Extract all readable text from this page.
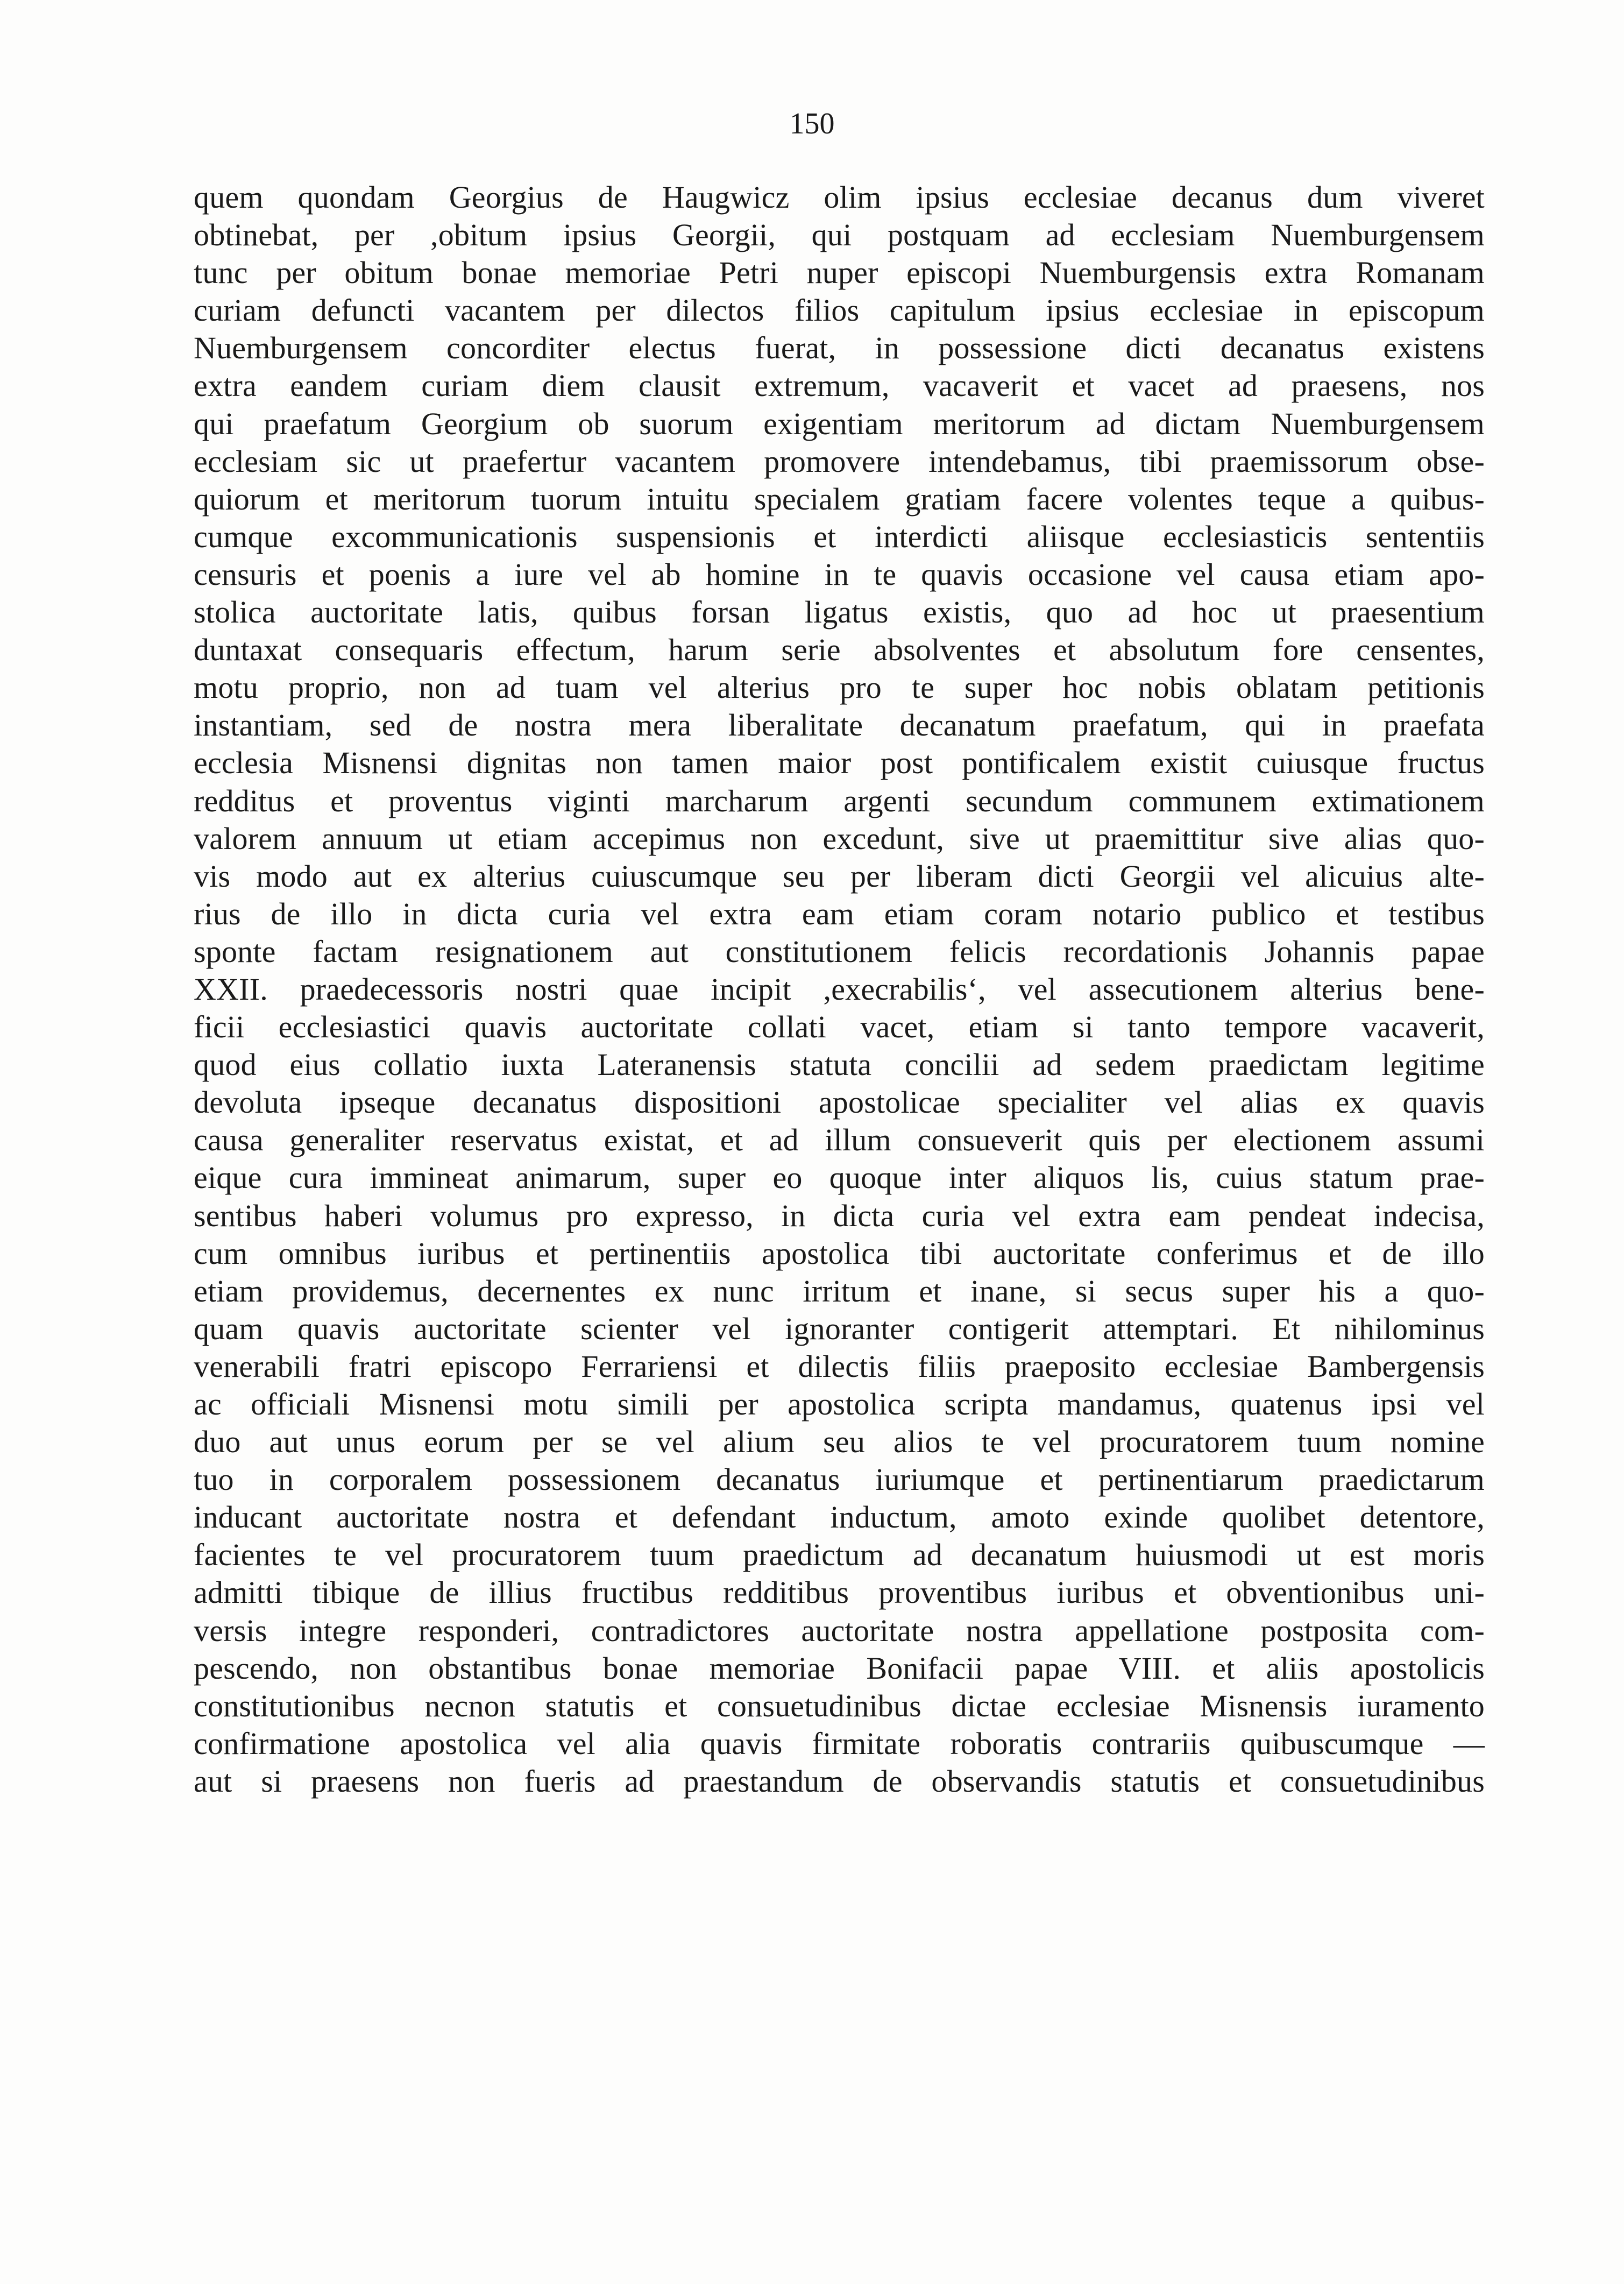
150
quem quondam Georgius de Haugwicz olim ipsius ecclesiae decanus dum viveret
obtinebat, per ,obitum ipsius Georgii, qui postquam ad ecclesiam Nuemburgensem
tunc per obitum bonae memoriae Petri nuper episcopi Nuemburgensis extra Romanam
curiam defuncti vacantem per dilectos filios capitulum ipsius ecclesiae in episcopum
Nuemburgensem concorditer electus fuerat, in possessione dicti decanatus existens
extra eandem curiam diem clausit extremum, vacaverit et vacet ad praesens, nos
qui praefatum Georgium ob suorum exigentiam meritorum ad dictam Nuemburgensem
ecclesiam sic ut praefertur vacantem promovere intendebamus, tibi praemissorum obse-
quiorum et meritorum tuorum intuitu specialem gratiam facere volentes teque a quibus-
cumque excommunicationis suspensionis et interdicti aliisque ecclesiasticis sententiis
censuris et poenis a iure vel ab homine in te quavis occasione vel causa etiam apo-
stolica auctoritate latis, quibus forsan ligatus existis, quo ad hoc ut praesentium
duntaxat consequaris effectum, harum serie absolventes et absolutum fore censentes,
motu proprio, non ad tuam vel alterius pro te super hoc nobis oblatam petitionis
instantiam, sed de nostra mera liberalitate decanatum praefatum, qui in praefata
ecclesia Misnensi dignitas non tamen maior post pontificalem existit cuiusque fructus
redditus et proventus viginti marcharum argenti secundum communem extimationem
valorem annuum ut etiam accepimus non excedunt, sive ut praemittitur sive alias quo-
vis modo aut ex alterius cuiuscumque seu per liberam dicti Georgii vel alicuius alte-
rius de illo in dicta curia vel extra eam etiam coram notario publico et testibus
sponte factam resignationem aut constitutionem felicis recordationis Johannis papae
XXII. praedecessoris nostri quae incipit ,execrabilis‘, vel assecutionem alterius bene-
ficii ecclesiastici quavis auctoritate collati vacet, etiam si tanto tempore vacaverit,
quod eius collatio iuxta Lateranensis statuta concilii ad sedem praedictam legitime
devoluta ipseque decanatus dispositioni apostolicae specialiter vel alias ex quavis
causa generaliter reservatus existat, et ad illum consueverit quis per electionem assumi
eique cura immineat animarum, super eo quoque inter aliquos lis, cuius statum prae-
sentibus haberi volumus pro expresso, in dicta curia vel extra eam pendeat indecisa,
cum omnibus iuribus et pertinentiis apostolica tibi auctoritate conferimus et de illo
etiam providemus, decernentes ex nunc irritum et inane, si secus super his a quo-
quam quavis auctoritate scienter vel ignoranter contigerit attemptari. Et nihilominus
venerabili fratri episcopo Ferrariensi et dilectis filiis praeposito ecclesiae Bambergensis
ac officiali Misnensi motu simili per apostolica scripta mandamus, quatenus ipsi vel
duo aut unus eorum per se vel alium seu alios te vel procuratorem tuum nomine
tuo in corporalem possessionem decanatus iuriumque et pertinentiarum praedictarum
inducant auctoritate nostra et defendant inductum, amoto exinde quolibet detentore,
facientes te vel procuratorem tuum praedictum ad decanatum huiusmodi ut est moris
admitti tibique de illius fructibus redditibus proventibus iuribus et obventionibus uni-
versis integre responderi, contradictores auctoritate nostra appellatione postposita com-
pescendo, non obstantibus bonae memoriae Bonifacii papae VIII. et aliis apostolicis
constitutionibus necnon statutis et consuetudinibus dictae ecclesiae Misnensis iuramento
confirmatione apostolica vel alia quavis firmitate roboratis contrariis quibuscumque —
aut si praesens non fueris ad praestandum de observandis statutis et consuetudinibus
